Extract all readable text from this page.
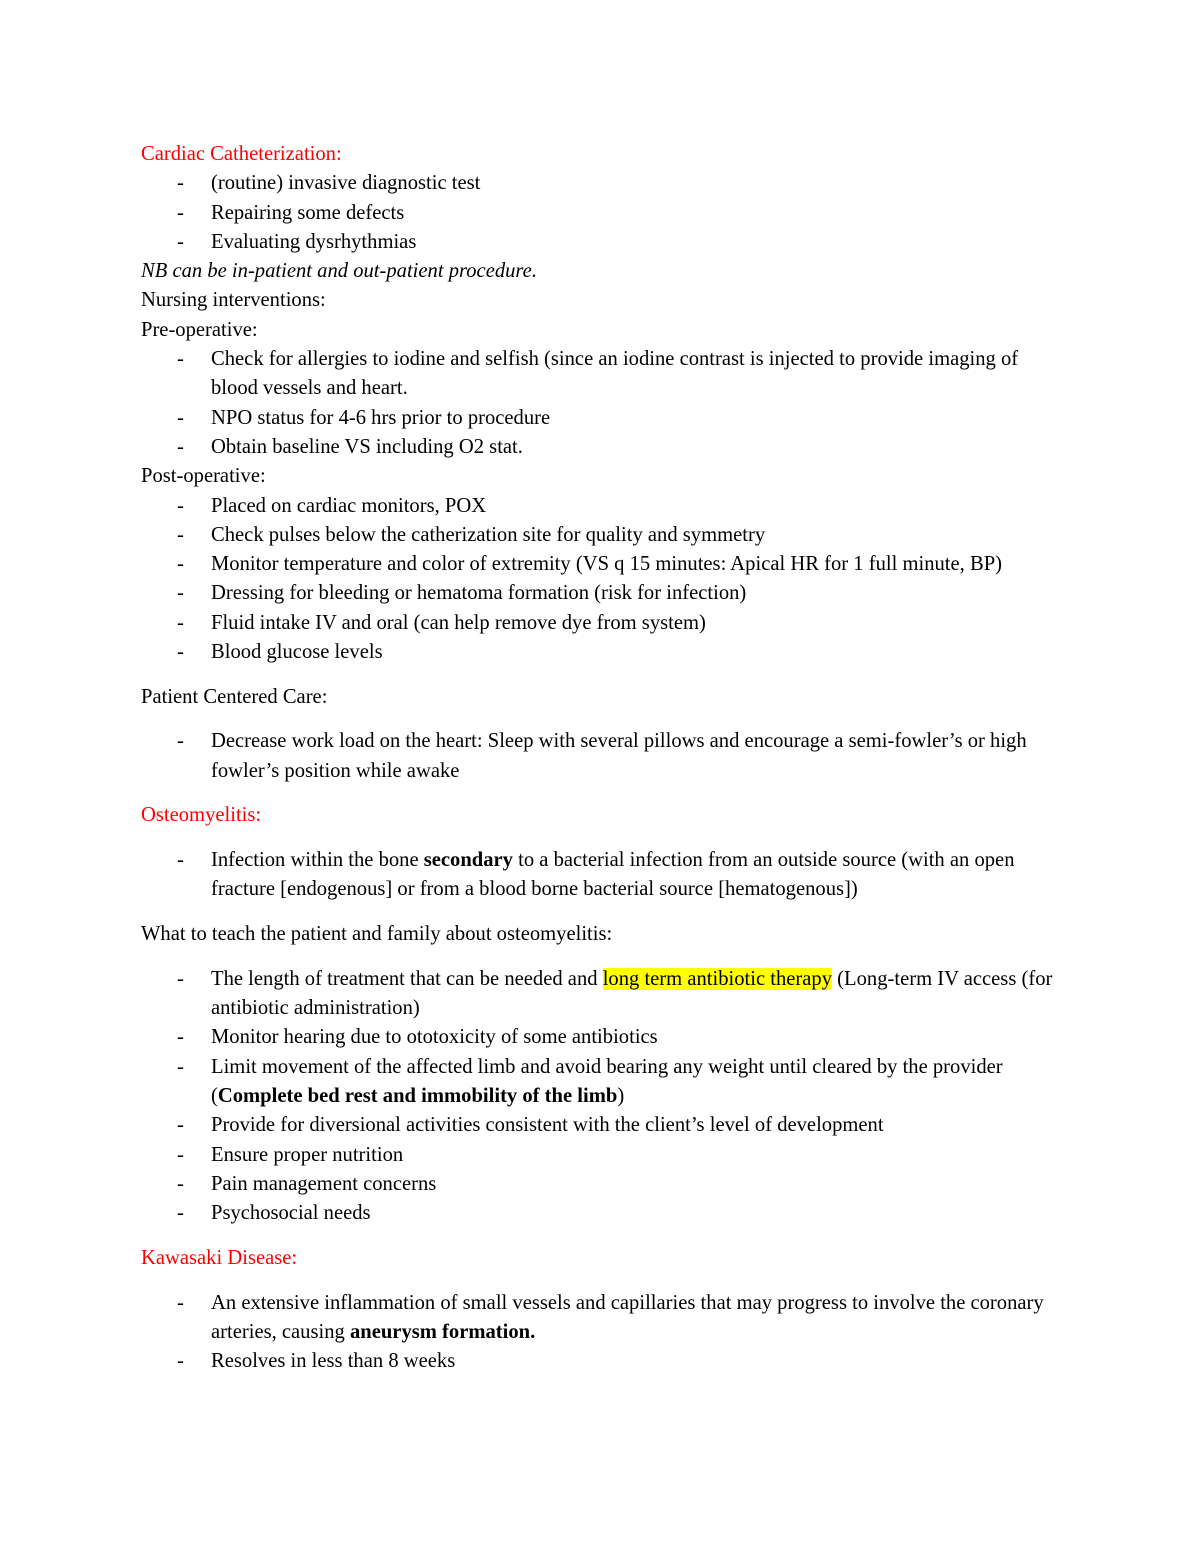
Cardiac Catheterization:
- (routine) invasive diagnostic test
- Repairing some defects
- Evaluating dysrhythmias
NB can be in-patient and out-patient procedure.
Nursing interventions:
Pre-operative:
- Check for allergies to iodine and selfish (since an iodine contrast is injected to provide imaging of blood vessels and heart.
- NPO status for 4-6 hrs prior to procedure
- Obtain baseline VS including O2 stat.
Post-operative:
- Placed on cardiac monitors, POX
- Check pulses below the catherization site for quality and symmetry
- Monitor temperature and color of extremity (VS q 15 minutes: Apical HR for 1 full minute, BP)
- Dressing for bleeding or hematoma formation (risk for infection)
- Fluid intake IV and oral (can help remove dye from system)
- Blood glucose levels
Patient Centered Care:
- Decrease work load on the heart: Sleep with several pillows and encourage a semi-fowler’s or high fowler’s position while awake
Osteomyelitis:
- Infection within the bone secondary to a bacterial infection from an outside source (with an open fracture [endogenous] or from a blood borne bacterial source [hematogenous])
What to teach the patient and family about osteomyelitis:
- The length of treatment that can be needed and long term antibiotic therapy (Long-term IV access (for antibiotic administration)
- Monitor hearing due to ototoxicity of some antibiotics
- Limit movement of the affected limb and avoid bearing any weight until cleared by the provider (Complete bed rest and immobility of the limb)
- Provide for diversional activities consistent with the client’s level of development
- Ensure proper nutrition
- Pain management concerns
- Psychosocial needs
Kawasaki Disease:
- An extensive inflammation of small vessels and capillaries that may progress to involve the coronary arteries, causing aneurysm formation.
- Resolves in less than 8 weeks
